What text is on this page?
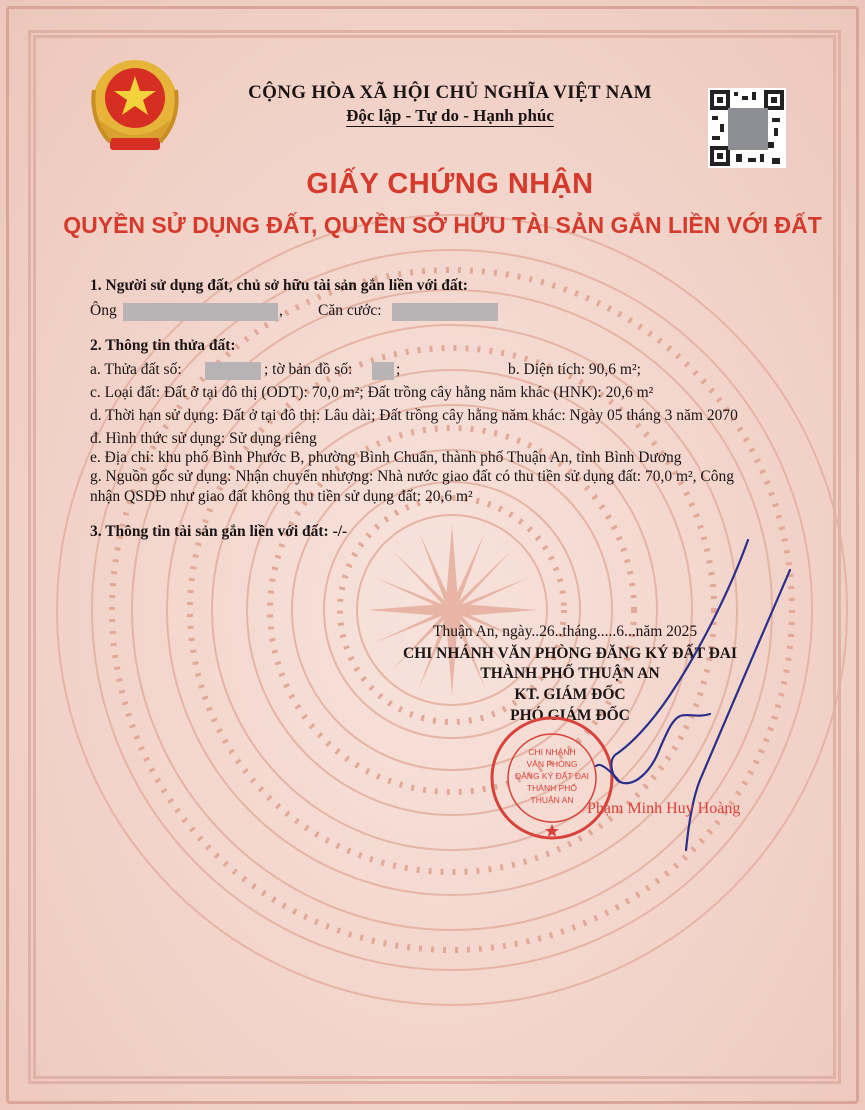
CỘNG HÒA XÃ HỘI CHỦ NGHĨA VIỆT NAM
Độc lập - Tự do - Hạnh phúc
GIẤY CHỨNG NHẬN
QUYỀN SỬ DỤNG ĐẤT, QUYỀN SỞ HỮU TÀI SẢN GẮN LIỀN VỚI ĐẤT
1. Người sử dụng đất, chủ sở hữu tài sản gắn liền với đất:
Ông	, Căn cước:
2. Thông tin thửa đất:
a. Thửa đất số:	; tờ bản đồ số:	;	b. Diện tích: 90,6 m²;
c. Loại đất: Đất ở tại đô thị (ODT): 70,0 m²; Đất trồng cây hằng năm khác (HNK): 20,6 m²
d. Thời hạn sử dụng: Đất ở tại đô thị: Lâu dài; Đất trồng cây hằng năm khác: Ngày 05 tháng 3 năm 2070
đ. Hình thức sử dụng: Sử dụng riêng
e. Địa chỉ: khu phố Bình Phước B, phường Bình Chuẩn, thành phố Thuận An, tỉnh Bình Dương
g. Nguồn gốc sử dụng: Nhận chuyển nhượng: Nhà nước giao đất có thu tiền sử dụng đất: 70,0 m², Công
nhận QSDĐ như giao đất không thu tiền sử dụng đất: 20,6 m²
3. Thông tin tài sản gắn liền với đất: -/-
Thuận An, ngày..26..tháng.....6...năm 2025
CHI NHÁNH VĂN PHÒNG ĐĂNG KÝ ĐẤT ĐAI
THÀNH PHỐ THUẬN AN
KT. GIÁM ĐỐC
PHÓ GIÁM ĐỐC
CHI NHÁNH
VĂN PHÒNG
ĐĂNG KÝ ĐẤT ĐAI
THÀNH PHỐ
THUẬN AN Phạm Minh Huy Hoàng
